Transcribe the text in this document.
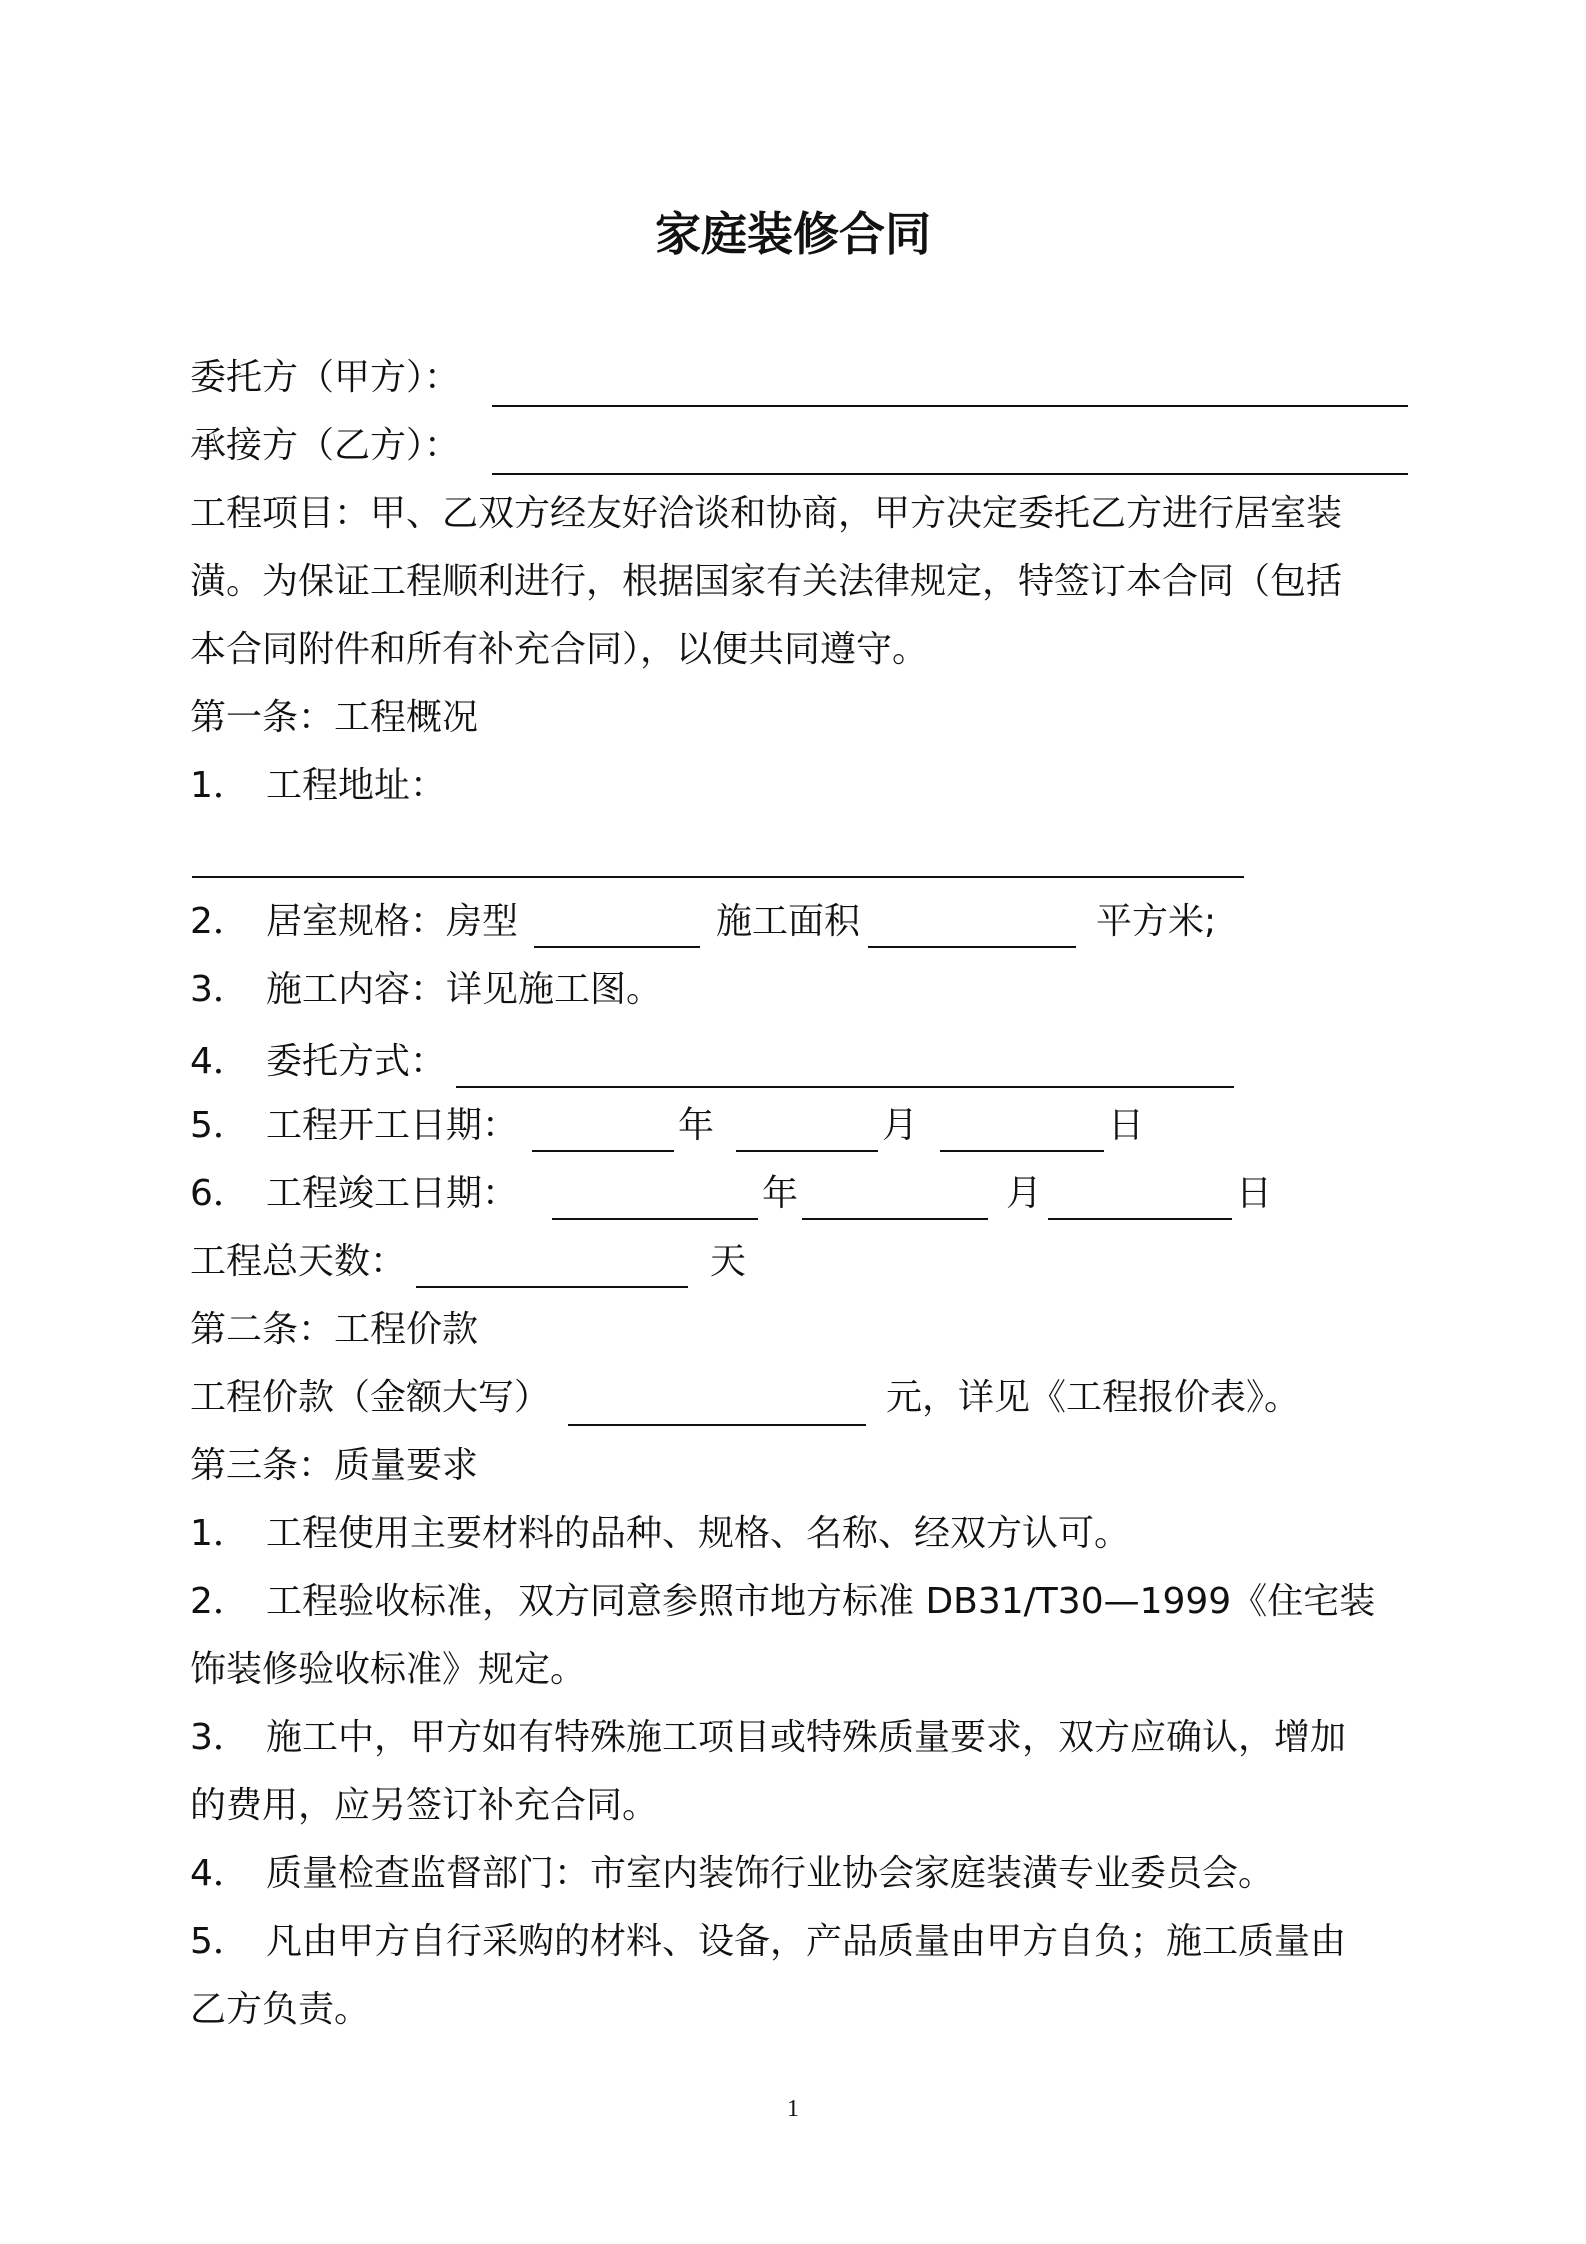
家庭装修合同
委托方（甲方）：
承接方（乙方）：
工程项目：甲、乙双方经友好洽谈和协商，甲方决定委托乙方进行居室装
潢。为保证工程顺利进行，根据国家有关法律规定，特签订本合同（包括
本合同附件和所有补充合同），以便共同遵守。
第一条：工程概况
1． 工程地址：
2． 居室规格：房型	施工面积	平方米;
3． 施工内容：详见施工图。
4． 委托方式：
5． 工程开工日期：	年	月	日
6． 工程竣工日期：	年	月	日
工程总天数：	天
第二条：工程价款
工程价款（金额大写）	元，详见《工程报价表》。
第三条：质量要求
1． 工程使用主要材料的品种、规格、名称、经双方认可。
2． 工程验收标准，双方同意参照市地方标准 DB31/T30—1999《住宅装
饰装修验收标准》规定。
3． 施工中，甲方如有特殊施工项目或特殊质量要求，双方应确认，增加
的费用，应另签订补充合同。
4． 质量检查监督部门：市室内装饰行业协会家庭装潢专业委员会。
5． 凡由甲方自行采购的材料、设备，产品质量由甲方自负；施工质量由
乙方负责。
1
